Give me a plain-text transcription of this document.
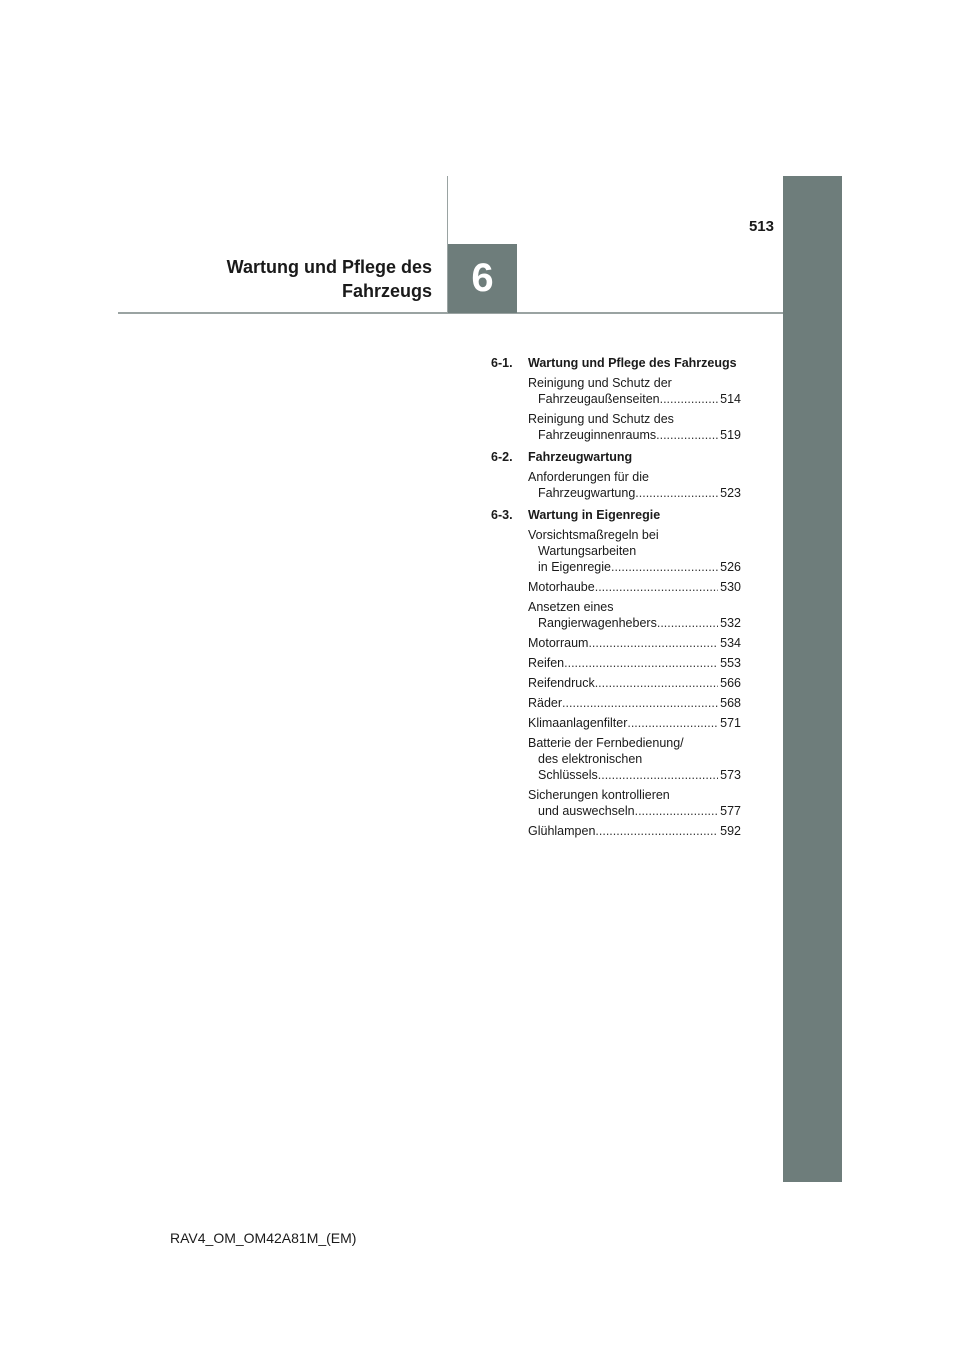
513
Wartung und Pflege des
Fahrzeugs 6
6-1.	Wartung und Pflege des Fahrzeugs
Reinigung und Schutz der
Fahrzeugaußenseiten .....	514
Reinigung und Schutz des
Fahrzeuginnenraums .....	519
6-2.	Fahrzeugwartung
Anforderungen für die
Fahrzeugwartung .....	523
6-3.	Wartung in Eigenregie
Vorsichtsmaßregeln bei
Wartungsarbeiten
in Eigenregie .....	526
Motorhaube .....	530
Ansetzen eines
Rangierwagenhebers .....	532
Motorraum .....	534
Reifen .....	553
Reifendruck .....	566
Räder .....	568
Klimaanlagenfilter .....	571
Batterie der Fernbedienung/
des elektronischen
Schlüssels .....	573
Sicherungen kontrollieren
und auswechseln .....	577
Glühlampen .....	592
RAV4_OM_OM42A81M_(EM)
